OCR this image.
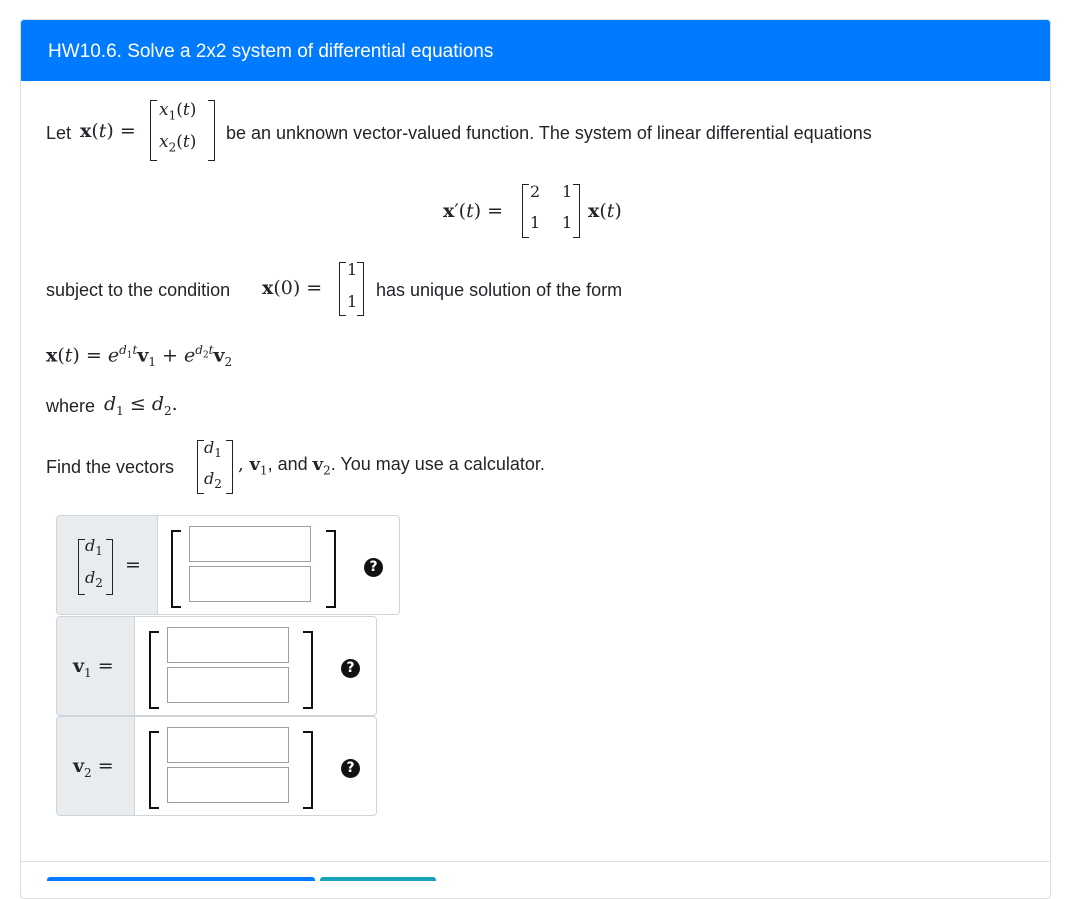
HW10.6. Solve a 2x2 system of differential equations
Let x(t) =
$x_1(t)$
$x_2(t)$ be an unknown vector-valued function. The system of linear differential equations
x′(t) =
2 1
1 1
x(t)
subject to the condition x(0) =
1
1
has unique solution of the form
$x(t) = e^{d_1t}v_1 + e^{d_2t}v_2$
where $d_1 \le d_2$.
Find the vectors
$d_1$
$d_2$
, $v_1$, and $v_2$. You may use a calculator.
$d_1$
$d_2$
=	?
$v_1$ =	?
$v_2$ =	?
